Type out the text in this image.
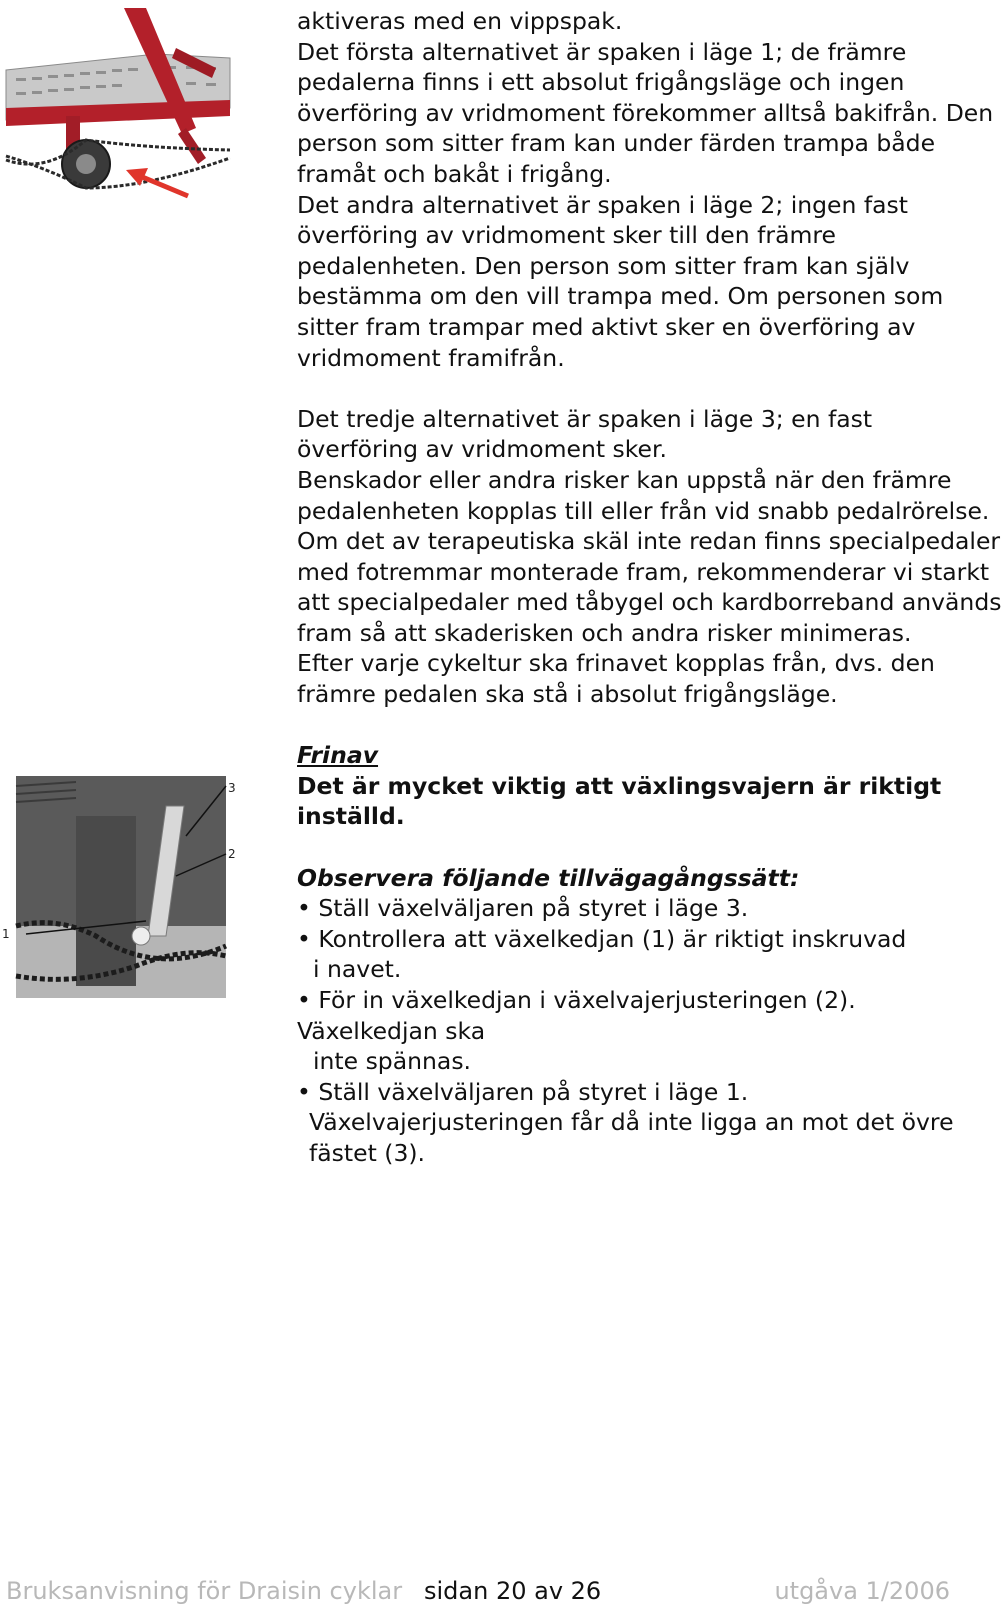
3
2
1

aktiveras med en vippspak.

Det första alternativet är spaken i läge 1; de främre

pedalerna finns i ett absolut frigångsläge och ingen

överföring av vridmoment förekommer alltså bakifrån. Den

person som sitter fram kan under färden trampa både

framåt och bakåt i frigång.

Det andra alternativet är spaken i läge 2; ingen fast

överföring av vridmoment sker till den främre

pedalenheten. Den person som sitter fram kan själv

bestämma om den vill trampa med. Om personen som

sitter fram trampar med aktivt sker en överföring av

vridmoment framifrån.

Det tredje alternativet är spaken i läge 3; en fast

överföring av vridmoment sker.

Benskador eller andra risker kan uppstå när den främre

pedalenheten kopplas till eller från vid snabb pedalrörelse.

Om det av terapeutiska skäl inte redan finns specialpedaler

med fotremmar monterade fram, rekommenderar vi starkt

att specialpedaler med tåbygel och kardborreband används

fram så att skaderisken och andra risker minimeras.

Efter varje cykeltur ska frinavet kopplas från, dvs. den

främre pedalen ska stå i absolut frigångsläge.

Frinav

Det är mycket viktig att växlingsvajern är riktigt

inställd.

Observera följande tillvägagångssätt:

• Ställ växelväljaren på styret i läge 3.

• Kontrollera att växelkedjan (1) är riktigt inskruvad

i navet.

• För in växelkedjan i växelvajerjusteringen (2).

Växelkedjan ska

inte spännas.

• Ställ växelväljaren på styret i läge 1.

Växelvajerjusteringen får då inte ligga an mot det övre

fästet (3).

Bruksanvisning för Draisin cyklar sidan 20 av 26	utgåva 1/2006
